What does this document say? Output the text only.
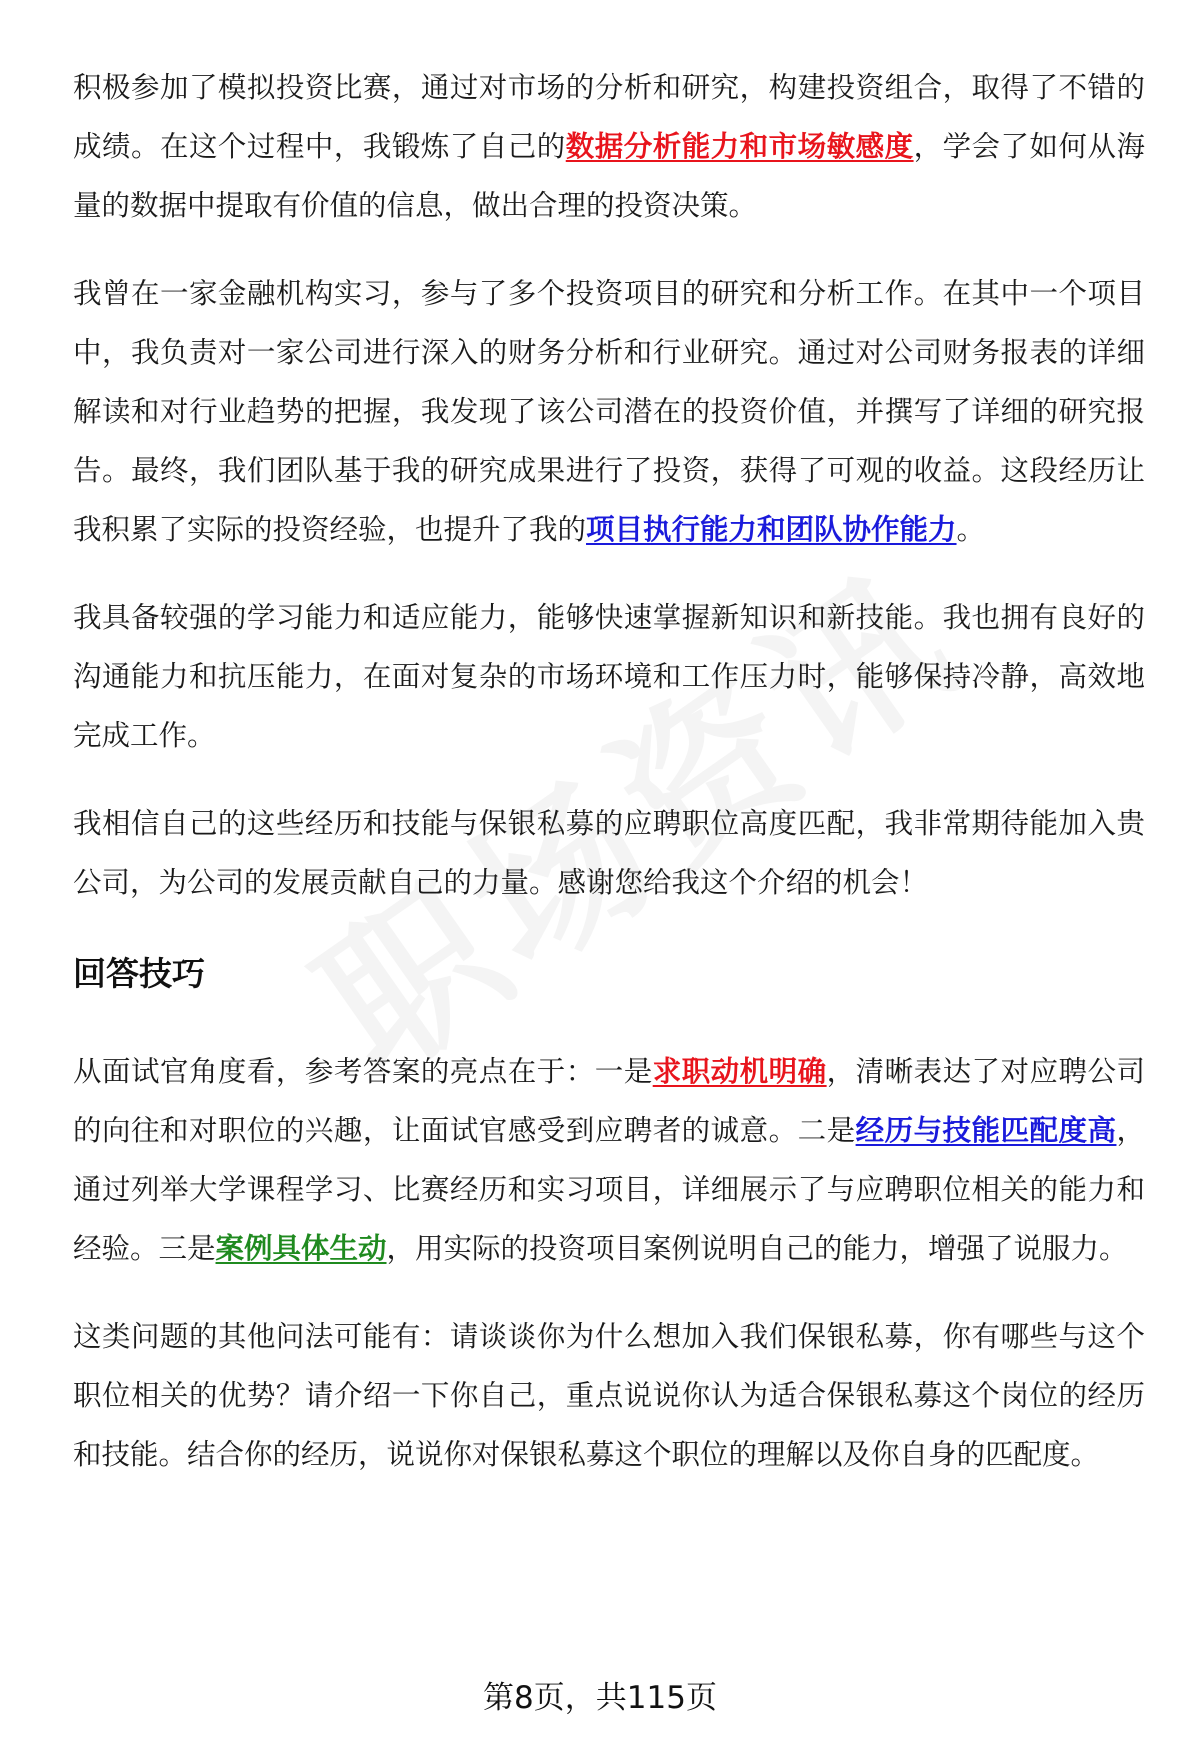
积极参加了模拟投资比赛，通过对市场的分析和研究，构建投资组合，取得了不错的成绩。在这个过程中，我锻炼了自己的数据分析能力和市场敏感度，学会了如何从海量的数据中提取有价值的信息，做出合理的投资决策。

我曾在一家金融机构实习，参与了多个投资项目的研究和分析工作。在其中一个项目中，我负责对一家公司进行深入的财务分析和行业研究。通过对公司财务报表的详细解读和对行业趋势的把握，我发现了该公司潜在的投资价值，并撰写了详细的研究报告。最终，我们团队基于我的研究成果进行了投资，获得了可观的收益。这段经历让我积累了实际的投资经验，也提升了我的项目执行能力和团队协作能力。

我具备较强的学习能力和适应能力，能够快速掌握新知识和新技能。我也拥有良好的沟通能力和抗压能力，在面对复杂的市场环境和工作压力时，能够保持冷静，高效地完成工作。

我相信自己的这些经历和技能与保银私募的应聘职位高度匹配，我非常期待能加入贵公司，为公司的发展贡献自己的力量。感谢您给我这个介绍的机会！

回答技巧

从面试官角度看，参考答案的亮点在于：一是求职动机明确，清晰表达了对应聘公司的向往和对职位的兴趣，让面试官感受到应聘者的诚意。二是经历与技能匹配度高，通过列举大学课程学习、比赛经历和实习项目，详细展示了与应聘职位相关的能力和经验。三是案例具体生动，用实际的投资项目案例说明自己的能力，增强了说服力。

这类问题的其他问法可能有：请谈谈你为什么想加入我们保银私募，你有哪些与这个职位相关的优势？请介绍一下你自己，重点说说你认为适合保银私募这个岗位的经历和技能。结合你的经历，说说你对保银私募这个职位的理解以及你自身的匹配度。

第8页，共115页
